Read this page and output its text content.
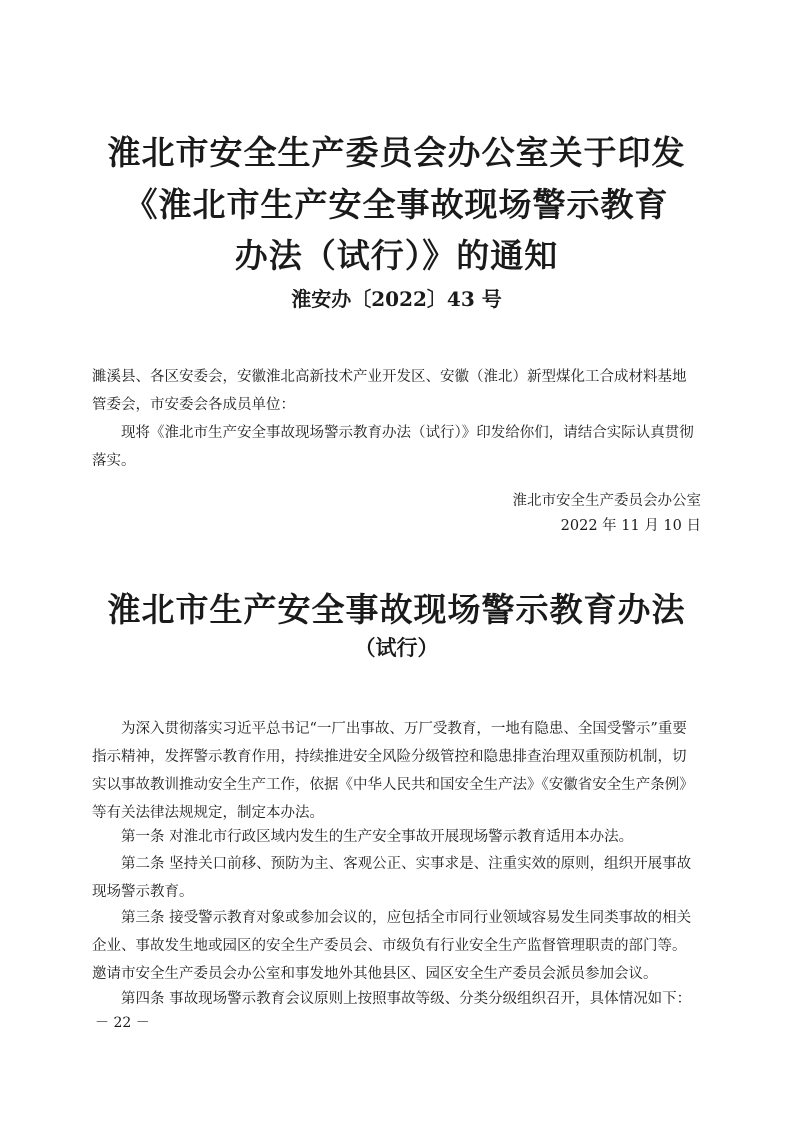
淮北市安全生产委员会办公室关于印发
《淮北市生产安全事故现场警示教育
办法（试行）》的通知
淮安办〔2022〕43 号

濉溪县、各区安委会，安徽淮北高新技术产业开发区、安徽（淮北）新型煤化工合成材料基地管委会，市安委会各成员单位：

现将《淮北市生产安全事故现场警示教育办法（试行）》印发给你们，请结合实际认真贯彻落实。

淮北市安全生产委员会办公室
2022 年 11 月 10 日
淮北市生产安全事故现场警示教育办法
（试行）

为深入贯彻落实习近平总书记“一厂出事故、万厂受教育，一地有隐患、全国受警示”重要指示精神，发挥警示教育作用，持续推进安全风险分级管控和隐患排查治理双重预防机制，切实以事故教训推动安全生产工作，依据《中华人民共和国安全生产法》《安徽省安全生产条例》等有关法律法规规定，制定本办法。

第一条 对淮北市行政区域内发生的生产安全事故开展现场警示教育适用本办法。

第二条 坚持关口前移、预防为主、客观公正、实事求是、注重实效的原则，组织开展事故现场警示教育。

第三条 接受警示教育对象或参加会议的，应包括全市同行业领域容易发生同类事故的相关企业、事故发生地或园区的安全生产委员会、市级负有行业安全生产监督管理职责的部门等。邀请市安全生产委员会办公室和事发地外其他县区、园区安全生产委员会派员参加会议。

第四条 事故现场警示教育会议原则上按照事故等级、分类分级组织召开，具体情况如下：

－ 22 －
